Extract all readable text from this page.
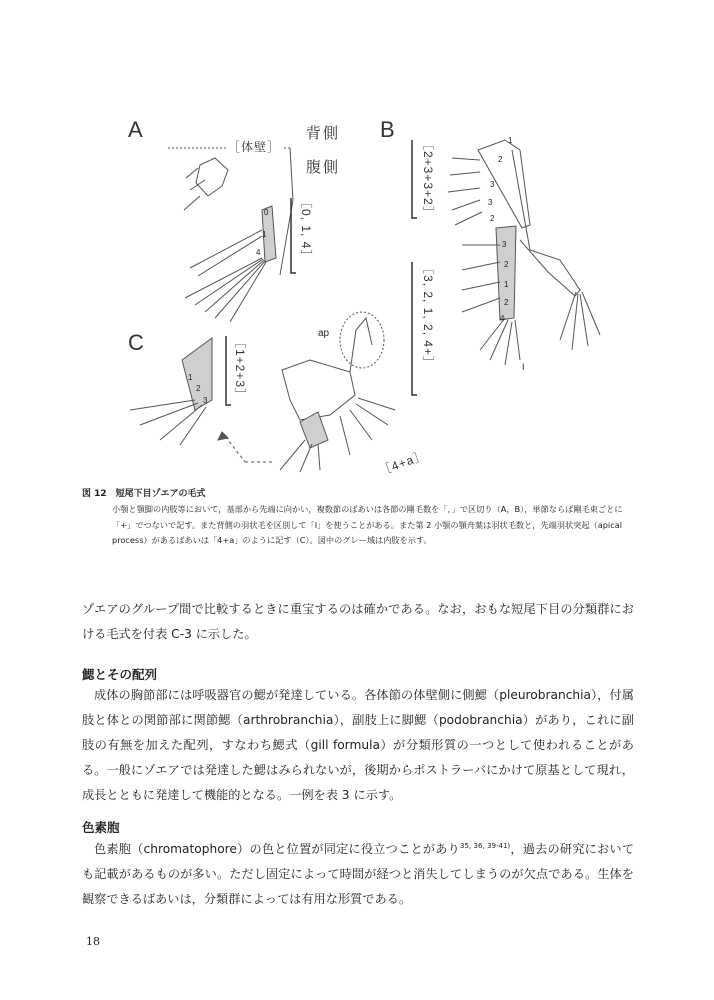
A	B
C
背側
腹側
［体壁］
［0, 1, 4］
［2+3+3+2］
［3, 2, 1, 2, 4+］
［1+2+3］
［4+a］
ap
I
0
1
4
1
2
3
3
2
3
2
1
2
4
1
2
3
図 12　短尾下目ゾエアの毛式
小顎と顎脚の内肢等において，基部から先端に向かい，複数節のばあいは各節の剛毛数を「，」で区切り（A，B），単節ならば剛毛束ごとに「+」でつないで記す。また背側の羽状毛を区別して「I」を使うことがある。また第 2 小顎の顎舟葉は羽状毛数と，先端羽状突起（apical process）があるばあいは「4+a」のように記す（C）。図中のグレー域は内肢を示す。
ゾエアのグループ間で比較するときに重宝するのは確かである。なお，おもな短尾下目の分類群における毛式を付表 C-3 に示した。
鰓とその配列
成体の胸節部には呼吸器官の鰓が発達している。各体節の体壁側に側鰓（pleurobranchia），付属肢と体との関節部に関節鰓（arthrobranchia），副肢上に脚鰓（podobranchia）があり，これに副肢の有無を加えた配列，すなわち鰓式（gill formula）が分類形質の一つとして使われることがある。一般にゾエアでは発達した鰓はみられないが，後期からポストラーバにかけて原基として現れ，成長とともに発達して機能的となる。一例を表 3 に示す。
色素胞
色素胞（chromatophore）の色と位置が同定に役立つことがあり$^{35, 36, 39-41)}$，過去の研究においても記載があるものが多い。ただし固定によって時間が経つと消失してしまうのが欠点である。生体を観察できるばあいは，分類群によっては有用な形質である。
18
